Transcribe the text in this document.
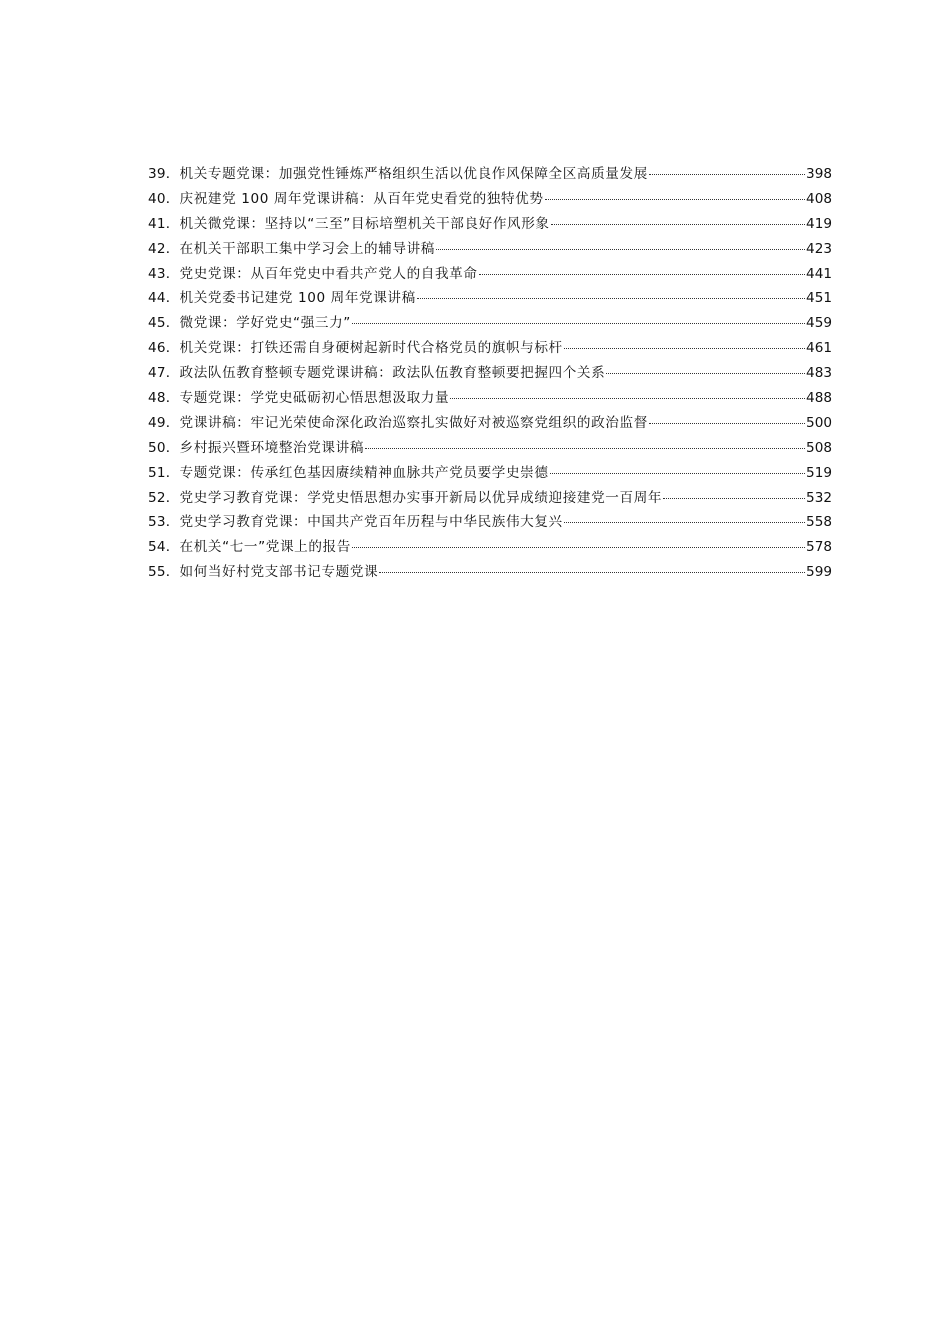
39． 机关专题党课：加强党性锤炼严格组织生活以优良作风保障全区高质量发展	398
40． 庆祝建党 100 周年党课讲稿：从百年党史看党的独特优势	408
41． 机关微党课：坚持以“三至”目标培塑机关干部良好作风形象	419
42． 在机关干部职工集中学习会上的辅导讲稿	423
43． 党史党课：从百年党史中看共产党人的自我革命	441
44． 机关党委书记建党 100 周年党课讲稿	451
45． 微党课：学好党史“强三力”	459
46． 机关党课：打铁还需自身硬树起新时代合格党员的旗帜与标杆	461
47． 政法队伍教育整顿专题党课讲稿：政法队伍教育整顿要把握四个关系	483
48． 专题党课：学党史砥砺初心悟思想汲取力量	488
49． 党课讲稿：牢记光荣使命深化政治巡察扎实做好对被巡察党组织的政治监督	500
50． 乡村振兴暨环境整治党课讲稿	508
51． 专题党课：传承红色基因赓续精神血脉共产党员要学史崇德	519
52． 党史学习教育党课：学党史悟思想办实事开新局以优异成绩迎接建党一百周年	532
53． 党史学习教育党课：中国共产党百年历程与中华民族伟大复兴	558
54． 在机关“七一”党课上的报告	578
55． 如何当好村党支部书记专题党课	599
